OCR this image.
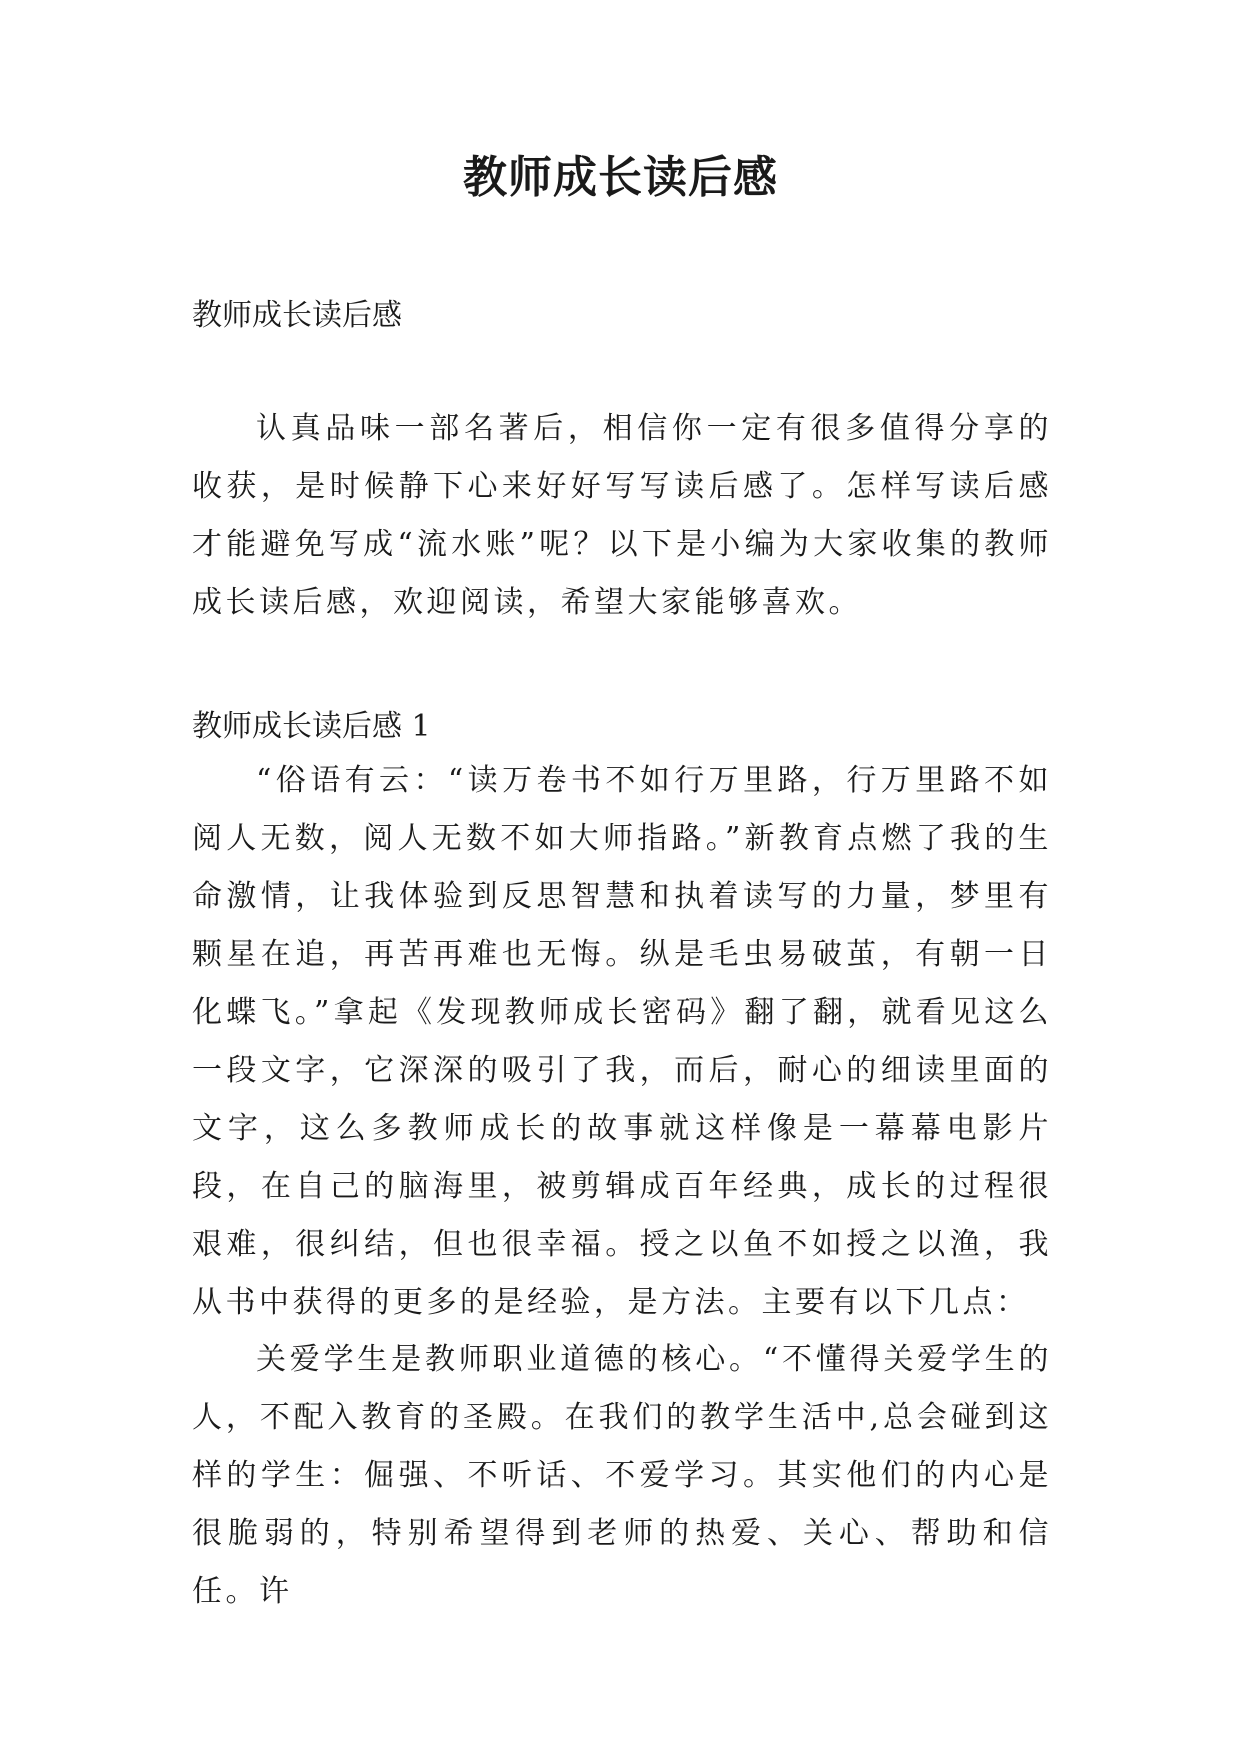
教师成长读后感

教师成长读后感

认真品味一部名著后，相信你一定有很多值得分享的收获，是时候静下心来好好写写读后感了。怎样写读后感才能避免写成“流水账”呢？以下是小编为大家收集的教师成长读后感，欢迎阅读，希望大家能够喜欢。

教师成长读后感 1

“俗语有云：“读万卷书不如行万里路，行万里路不如阅人无数，阅人无数不如大师指路。”新教育点燃了我的生命激情，让我体验到反思智慧和执着读写的力量，梦里有颗星在追，再苦再难也无悔。纵是毛虫易破茧，有朝一日化蝶飞。”拿起《发现教师成长密码》翻了翻，就看见这么一段文字，它深深的吸引了我，而后，耐心的细读里面的文字，这么多教师成长的故事就这样像是一幕幕电影片段，在自己的脑海里，被剪辑成百年经典，成长的过程很艰难，很纠结，但也很幸福。授之以鱼不如授之以渔，我从书中获得的更多的是经验，是方法。主要有以下几点：

关爱学生是教师职业道德的核心。“不懂得关爱学生的人，不配入教育的圣殿。在我们的教学生活中,总会碰到这样的学生：倔强、不听话、不爱学习。其实他们的内心是很脆弱的，特别希望得到老师的热爱、关心、帮助和信任。许
